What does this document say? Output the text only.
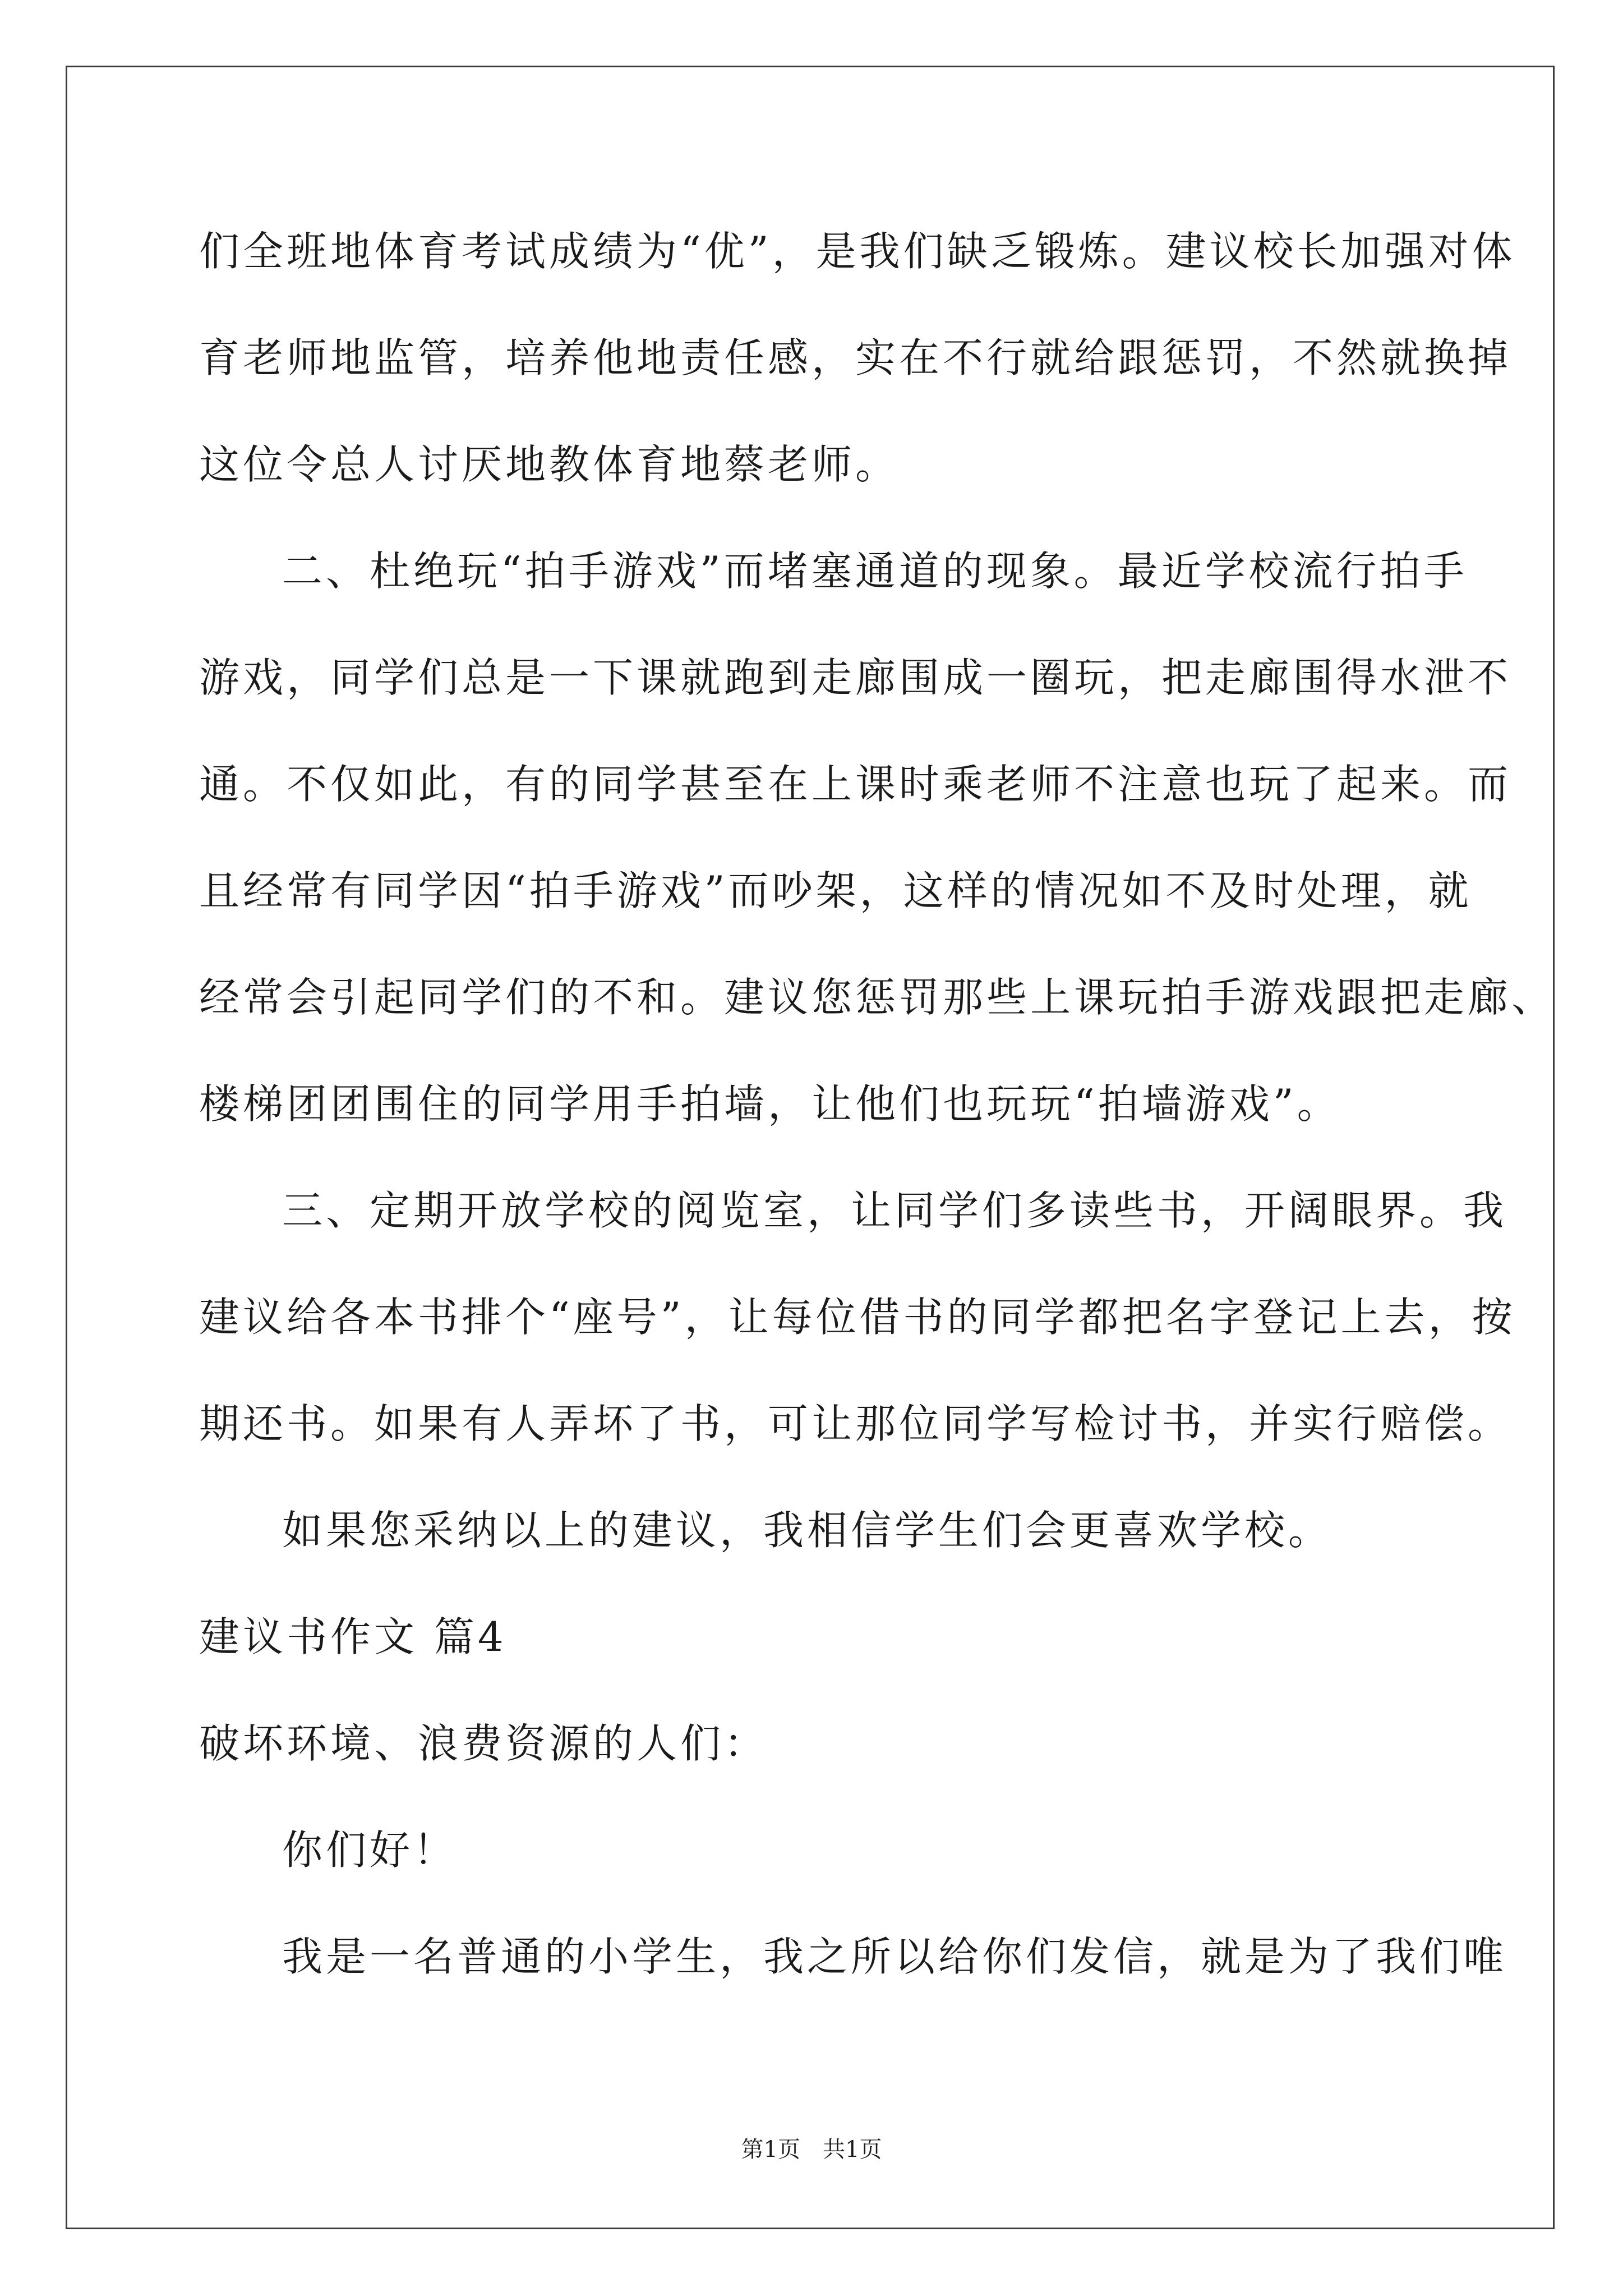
们全班地体育考试成绩为“优”，是我们缺乏锻炼。建议校长加强对体
育老师地监管，培养他地责任感，实在不行就给跟惩罚，不然就换掉
这位令总人讨厌地教体育地蔡老师。
二、杜绝玩“拍手游戏”而堵塞通道的现象。最近学校流行拍手
游戏，同学们总是一下课就跑到走廊围成一圈玩，把走廊围得水泄不
通。不仅如此，有的同学甚至在上课时乘老师不注意也玩了起来。而
且经常有同学因“拍手游戏”而吵架，这样的情况如不及时处理，就
经常会引起同学们的不和。建议您惩罚那些上课玩拍手游戏跟把走廊、
楼梯团团围住的同学用手拍墙，让他们也玩玩“拍墙游戏”。
三、定期开放学校的阅览室，让同学们多读些书，开阔眼界。我
建议给各本书排个“座号”，让每位借书的同学都把名字登记上去，按
期还书。如果有人弄坏了书，可让那位同学写检讨书，并实行赔偿。
如果您采纳以上的建议，我相信学生们会更喜欢学校。
建议书作文 篇4
破坏环境、浪费资源的人们：
你们好！
我是一名普通的小学生，我之所以给你们发信，就是为了我们唯
第1页　共1页
